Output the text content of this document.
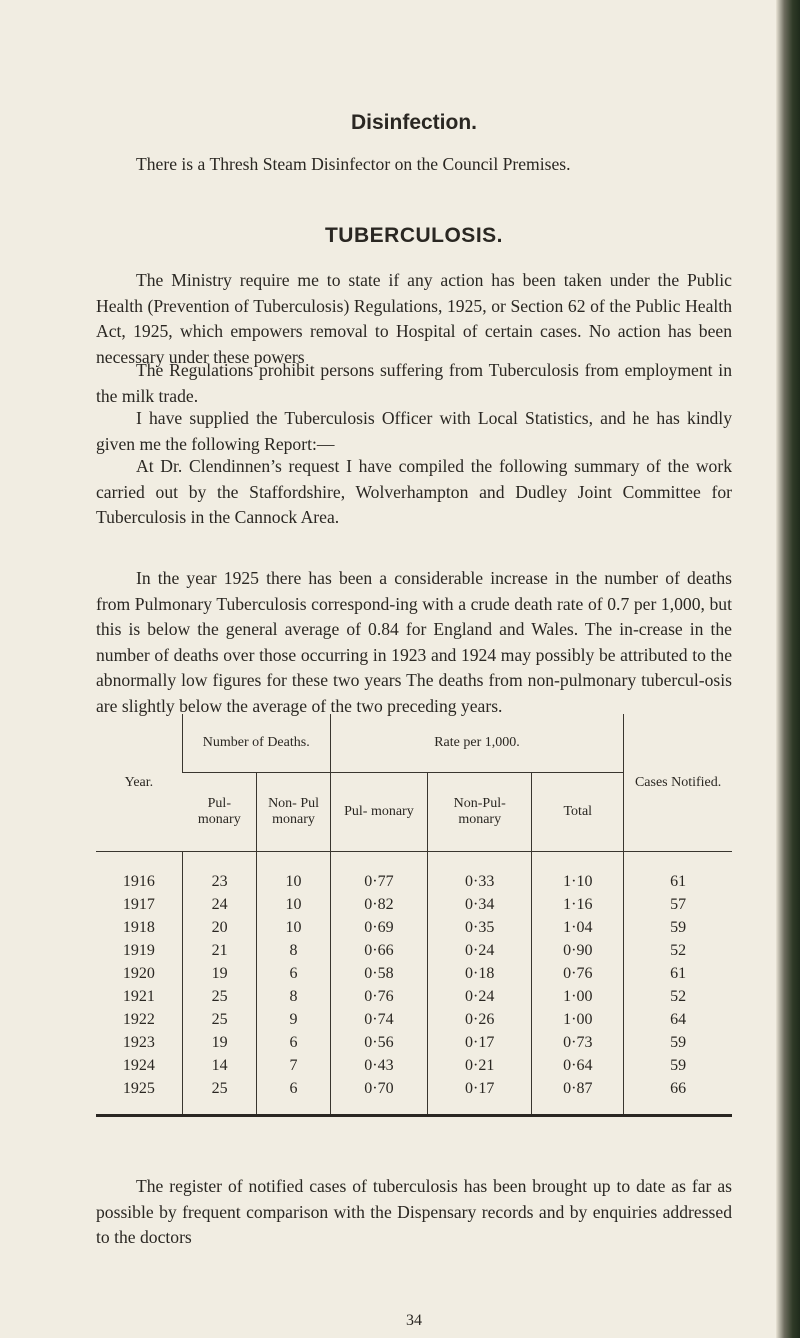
Disinfection.

There is a Thresh Steam Disinfector on the Council Premises.

TUBERCULOSIS.

The Ministry require me to state if any action has been taken under the Public Health (Prevention of Tuberculosis) Regulations, 1925, or Section 62 of the Public Health Act, 1925, which empowers removal to Hospital of certain cases. No action has been necessary under these powers

The Regulations prohibit persons suffering from Tuberculosis from employment in the milk trade.

I have supplied the Tuberculosis Officer with Local Statistics, and he has kindly given me the following Report:—

At Dr. Clendinnen’s request I have compiled the following summary of the work carried out by the Staffordshire, Wolverhampton and Dudley Joint Committee for Tuberculosis in the Cannock Area.

In the year 1925 there has been a considerable increase in the number of deaths from Pulmonary Tuberculosis correspond-ing with a crude death rate of 0.7 per 1,000, but this is below the general average of 0.84 for England and Wales. The in-crease in the number of deaths over those occurring in 1923 and 1924 may possibly be attributed to the abnormally low figures for these two years The deaths from non-pulmonary tubercul-osis are slightly below the average of the two preceding years.

Year.	Number of Deaths.		Rate per 1,000.			Cases Notified.
	Pul- monary	Non- Pul monary	Pul- monary	Non-Pul- monary	Total	
1916	23	10	0·77	0·33	1·10	61
1917	24	10	0·82	0·34	1·16	57
1918	20	10	0·69	0·35	1·04	59
1919	21	8	0·66	0·24	0·90	52
1920	19	6	0·58	0·18	0·76	61
1921	25	8	0·76	0·24	1·00	52
1922	25	9	0·74	0·26	1·00	64
1923	19	6	0·56	0·17	0·73	59
1924	14	7	0·43	0·21	0·64	59
1925	25	6	0·70	0·17	0·87	66

The register of notified cases of tuberculosis has been brought up to date as far as possible by frequent comparison with the Dispensary records and by enquiries addressed to the doctors

34
